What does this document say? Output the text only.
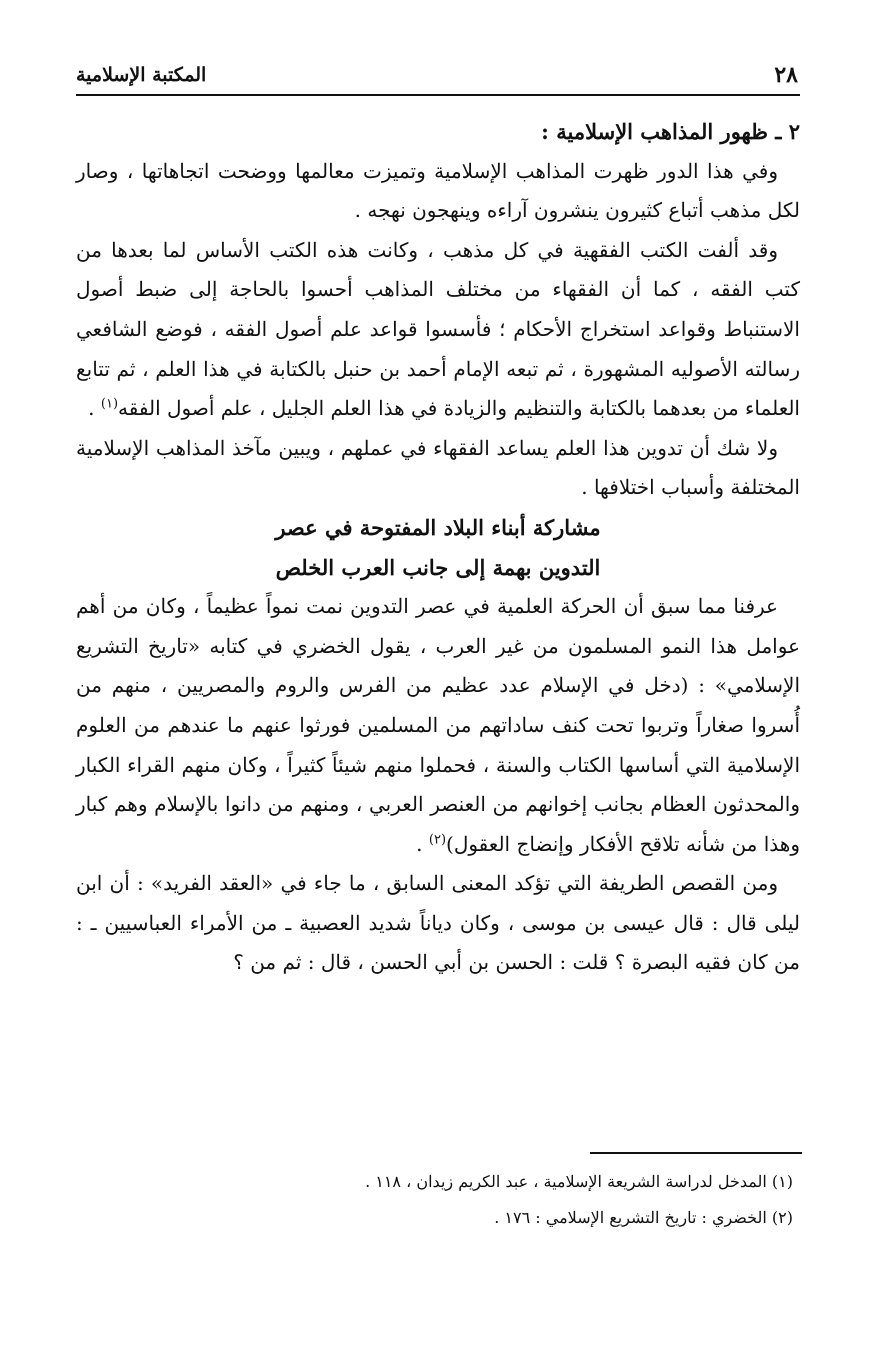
٢٨
المكتبة الإسلامية

٢ ـ ظهور المذاهب الإسلامية :

وفي هذا الدور ظهرت المذاهب الإسلامية وتميزت معالمها ووضحت اتجاهاتها ، وصار لكل مذهب أتباع كثيرون ينشرون آراءه وينهجون نهجه .

وقد ألفت الكتب الفقهية في كل مذهب ، وكانت هذه الكتب الأساس لما بعدها من كتب الفقه ، كما أن الفقهاء من مختلف المذاهب أحسوا بالحاجة إلى ضبط أصول الاستنباط وقواعد استخراج الأحكام ؛ فأسسوا قواعد علم أصول الفقه ، فوضع الشافعي رسالته الأصوليه المشهورة ، ثم تبعه الإمام أحمد بن حنبل بالكتابة في هذا العلم ، ثم تتابع العلماء من بعدهما بالكتابة والتنظيم والزيادة في هذا العلم الجليل ، علم أصول الفقه$^{(١)}$ .

ولا شك أن تدوين هذا العلم يساعد الفقهاء في عملهم ، ويبين مآخذ المذاهب الإسلامية المختلفة وأسباب اختلافها .

مشاركة أبناء البلاد المفتوحة في عصر

التدوين بهمة إلى جانب العرب الخلص

عرفنا مما سبق أن الحركة العلمية في عصر التدوين نمت نمواً عظيماً ، وكان من أهم عوامل هذا النمو المسلمون من غير العرب ، يقول الخضري في كتابه «تاريخ التشريع الإسلامي» : (دخل في الإسلام عدد عظيم من الفرس والروم والمصريين ، منهم من أُسروا صغاراً وتربوا تحت كنف ساداتهم من المسلمين فورثوا عنهم ما عندهم من العلوم الإسلامية التي أساسها الكتاب والسنة ، فحملوا منهم شيئاً كثيراً ، وكان منهم القراء الكبار والمحدثون العظام بجانب إخوانهم من العنصر العربي ، ومنهم من دانوا بالإسلام وهم كبار وهذا من شأنه تلاقح الأفكار وإنضاج العقول)$^{(٢)}$ .

ومن القصص الطريفة التي تؤكد المعنى السابق ، ما جاء في «العقد الفريد» : أن ابن ليلى قال : قال عيسى بن موسى ، وكان دياناً شديد العصبية ـ من الأمراء العباسيين ـ : من كان فقيه البصرة ؟ قلت : الحسن بن أبي الحسن ، قال : ثم من ؟

(١) المدخل لدراسة الشريعة الإسلامية ، عبد الكريم زيدان ، ١١٨ .

(٢) الخضري : تاريخ التشريع الإسلامي : ١٧٦ .
